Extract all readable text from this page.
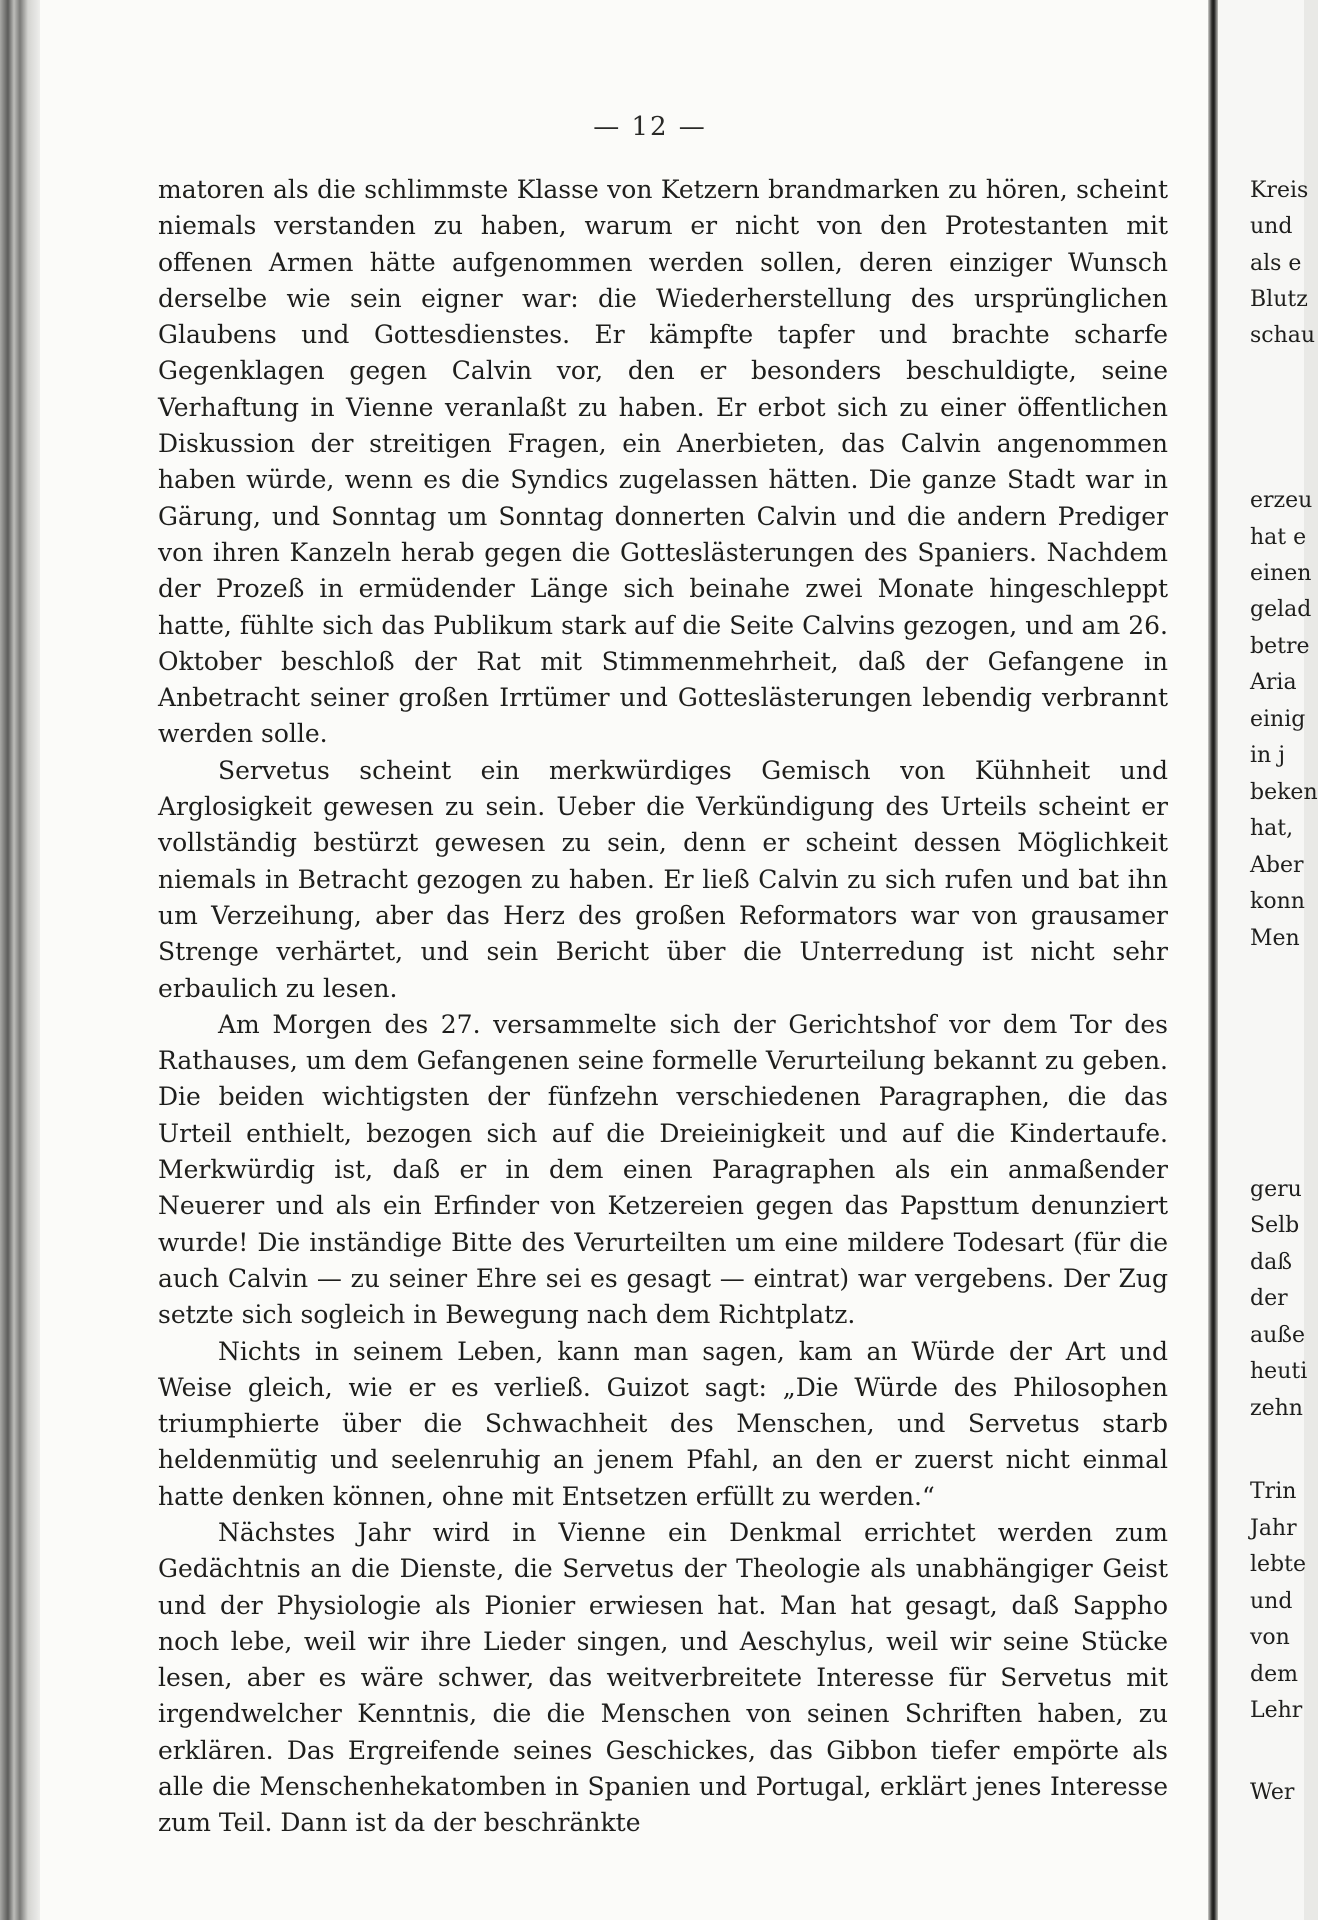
— 12 —

matoren als die schlimmste Klasse von Ketzern brandmarken zu hören, scheint niemals verstanden zu haben, warum er nicht von den Protestanten mit offenen Armen hätte aufgenommen werden sollen, deren einziger Wunsch derselbe wie sein eigner war: die Wiederherstellung des ursprünglichen Glaubens und Gottesdienstes. Er kämpfte tapfer und brachte scharfe Gegenklagen gegen Calvin vor, den er besonders beschuldigte, seine Verhaftung in Vienne veranlaßt zu haben. Er erbot sich zu einer öffentlichen Diskussion der streitigen Fragen, ein Anerbieten, das Calvin angenommen haben würde, wenn es die Syndics zugelassen hätten. Die ganze Stadt war in Gärung, und Sonntag um Sonntag donnerten Calvin und die andern Prediger von ihren Kanzeln herab gegen die Gotteslästerungen des Spaniers. Nachdem der Prozeß in ermüdender Länge sich beinahe zwei Monate hingeschleppt hatte, fühlte sich das Publikum stark auf die Seite Calvins gezogen, und am 26. Oktober beschloß der Rat mit Stimmenmehrheit, daß der Gefangene in Anbetracht seiner großen Irrtümer und Gotteslästerungen lebendig verbrannt werden solle.

Servetus scheint ein merkwürdiges Gemisch von Kühnheit und Arglosigkeit gewesen zu sein. Ueber die Verkündigung des Urteils scheint er vollständig bestürzt gewesen zu sein, denn er scheint dessen Möglichkeit niemals in Betracht gezogen zu haben. Er ließ Calvin zu sich rufen und bat ihn um Verzeihung, aber das Herz des großen Reformators war von grausamer Strenge verhärtet, und sein Bericht über die Unterredung ist nicht sehr erbaulich zu lesen.

Am Morgen des 27. versammelte sich der Gerichtshof vor dem Tor des Rathauses, um dem Gefangenen seine formelle Verurteilung bekannt zu geben. Die beiden wichtigsten der fünfzehn verschiedenen Paragraphen, die das Urteil enthielt, bezogen sich auf die Dreieinigkeit und auf die Kindertaufe. Merkwürdig ist, daß er in dem einen Paragraphen als ein anmaßender Neuerer und als ein Erfinder von Ketzereien gegen das Papsttum denunziert wurde! Die inständige Bitte des Verurteilten um eine mildere Todesart (für die auch Calvin — zu seiner Ehre sei es gesagt — eintrat) war vergebens. Der Zug setzte sich sogleich in Bewegung nach dem Richtplatz.

Nichts in seinem Leben, kann man sagen, kam an Würde der Art und Weise gleich, wie er es verließ. Guizot sagt: „Die Würde des Philosophen triumphierte über die Schwachheit des Menschen, und Servetus starb heldenmütig und seelenruhig an jenem Pfahl, an den er zuerst nicht einmal hatte denken können, ohne mit Entsetzen erfüllt zu werden.“

Nächstes Jahr wird in Vienne ein Denkmal errichtet werden zum Gedächtnis an die Dienste, die Servetus der Theologie als unabhängiger Geist und der Physiologie als Pionier erwiesen hat. Man hat gesagt, daß Sappho noch lebe, weil wir ihre Lieder singen, und Aeschylus, weil wir seine Stücke lesen, aber es wäre schwer, das weitverbreitete Interesse für Servetus mit irgendwelcher Kenntnis, die die Menschen von seinen Schriften haben, zu erklären. Das Ergreifende seines Geschickes, das Gibbon tiefer empörte als alle die Menschenhekatomben in Spanien und Portugal, erklärt jenes Interesse zum Teil. Dann ist da der beschränkte

Kreis
und
als e
Blutz
schau
erzeu
hat e
einen
gelad
betre
Aria
einig
in j
beken
hat,
Aber
konn
Men
geru
Selb
daß
der
auße
heuti
zehn
Trin
Jahr
lebte
und
von
dem
Lehr
Wer
